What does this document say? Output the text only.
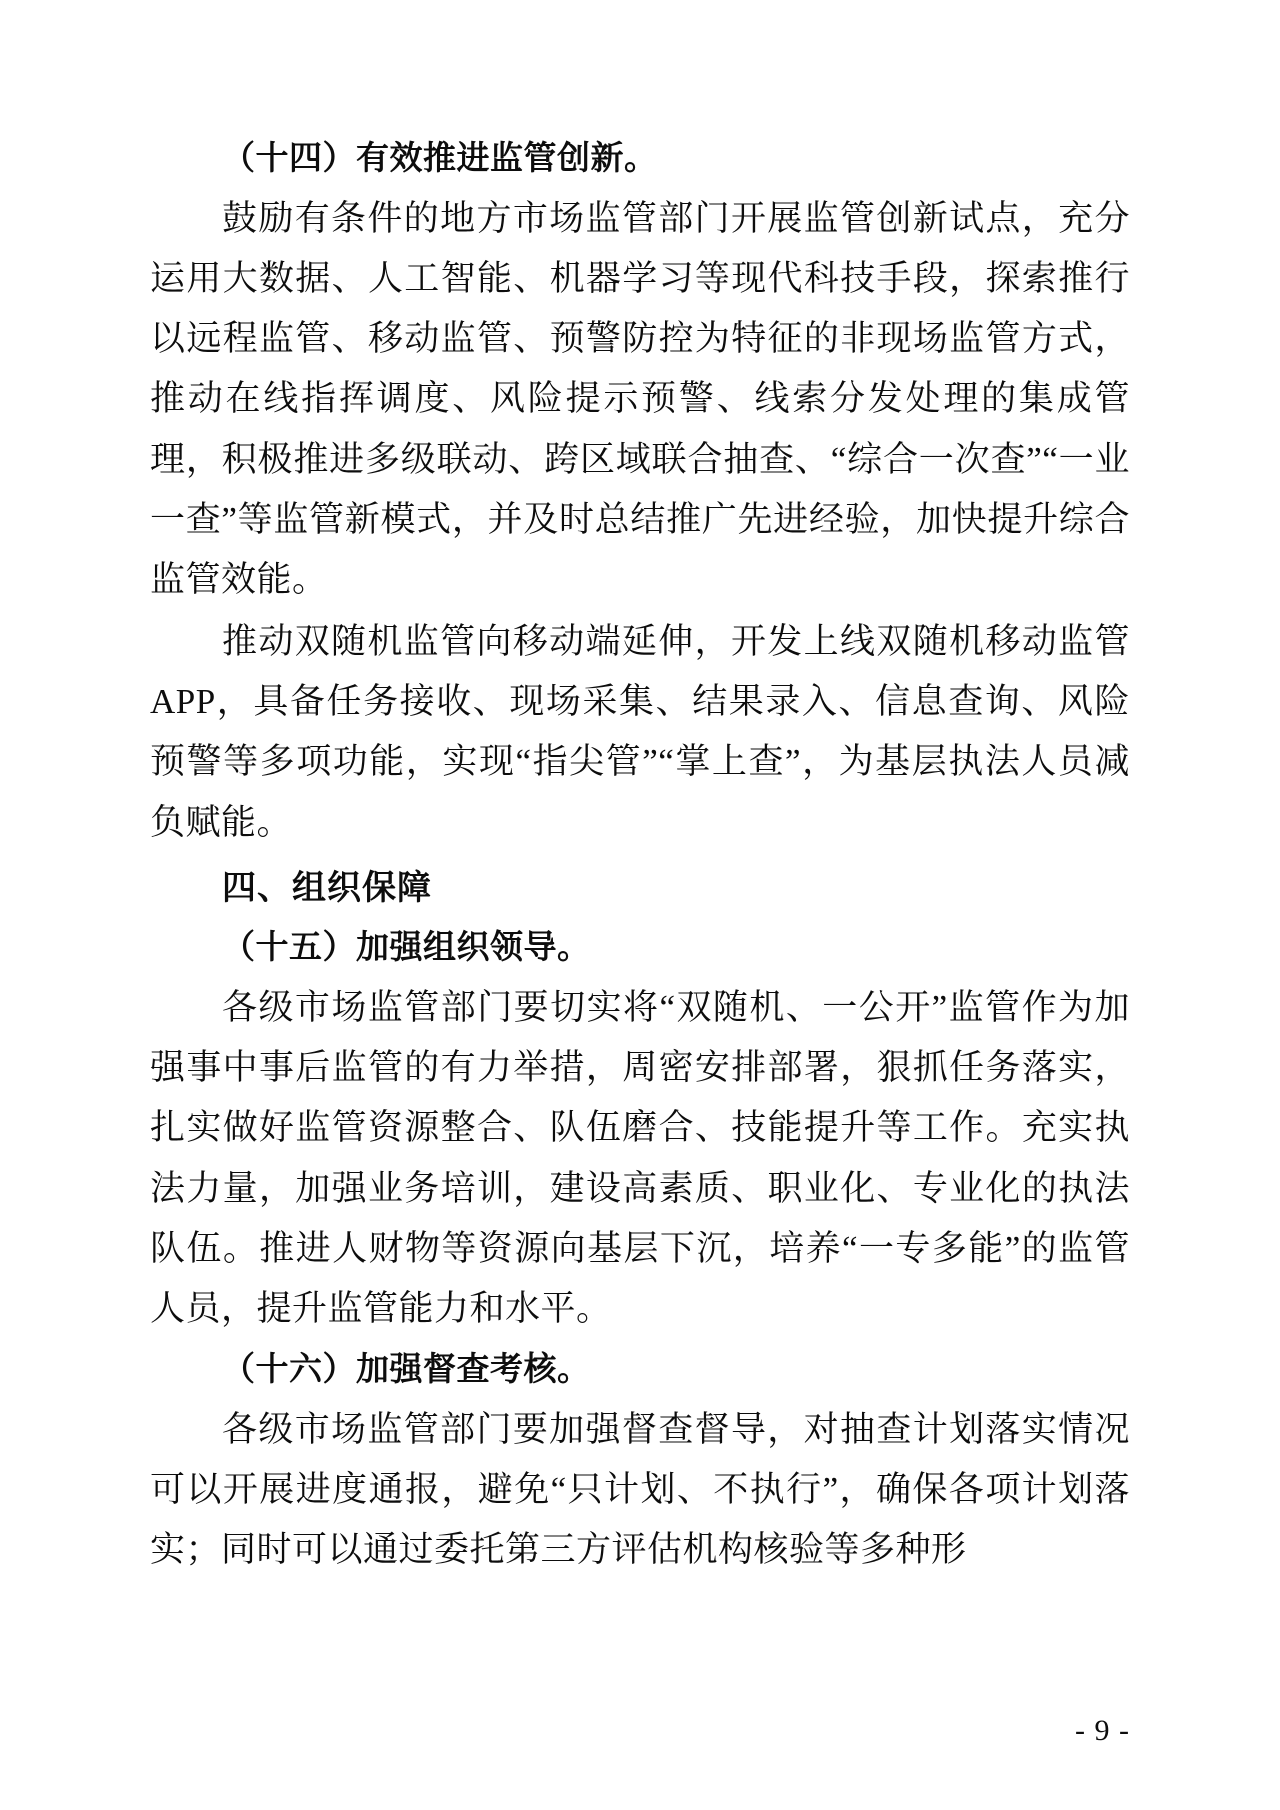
（十四）有效推进监管创新。

鼓励有条件的地方市场监管部门开展监管创新试点，充分运用大数据、人工智能、机器学习等现代科技手段，探索推行以远程监管、移动监管、预警防控为特征的非现场监管方式，推动在线指挥调度、风险提示预警、线索分发处理的集成管理，积极推进多级联动、跨区域联合抽查、“综合一次查”“一业一查”等监管新模式，并及时总结推广先进经验，加快提升综合监管效能。

推动双随机监管向移动端延伸，开发上线双随机移动监管 APP，具备任务接收、现场采集、结果录入、信息查询、风险预警等多项功能，实现“指尖管”“掌上查”，为基层执法人员减负赋能。

四、组织保障

（十五）加强组织领导。

各级市场监管部门要切实将“双随机、一公开”监管作为加强事中事后监管的有力举措，周密安排部署，狠抓任务落实，扎实做好监管资源整合、队伍磨合、技能提升等工作。充实执法力量，加强业务培训，建设高素质、职业化、专业化的执法队伍。推进人财物等资源向基层下沉，培养“一专多能”的监管人员，提升监管能力和水平。

（十六）加强督查考核。

各级市场监管部门要加强督查督导，对抽查计划落实情况可以开展进度通报，避免“只计划、不执行”，确保各项计划落实；同时可以通过委托第三方评估机构核验等多种形

- 9 -
